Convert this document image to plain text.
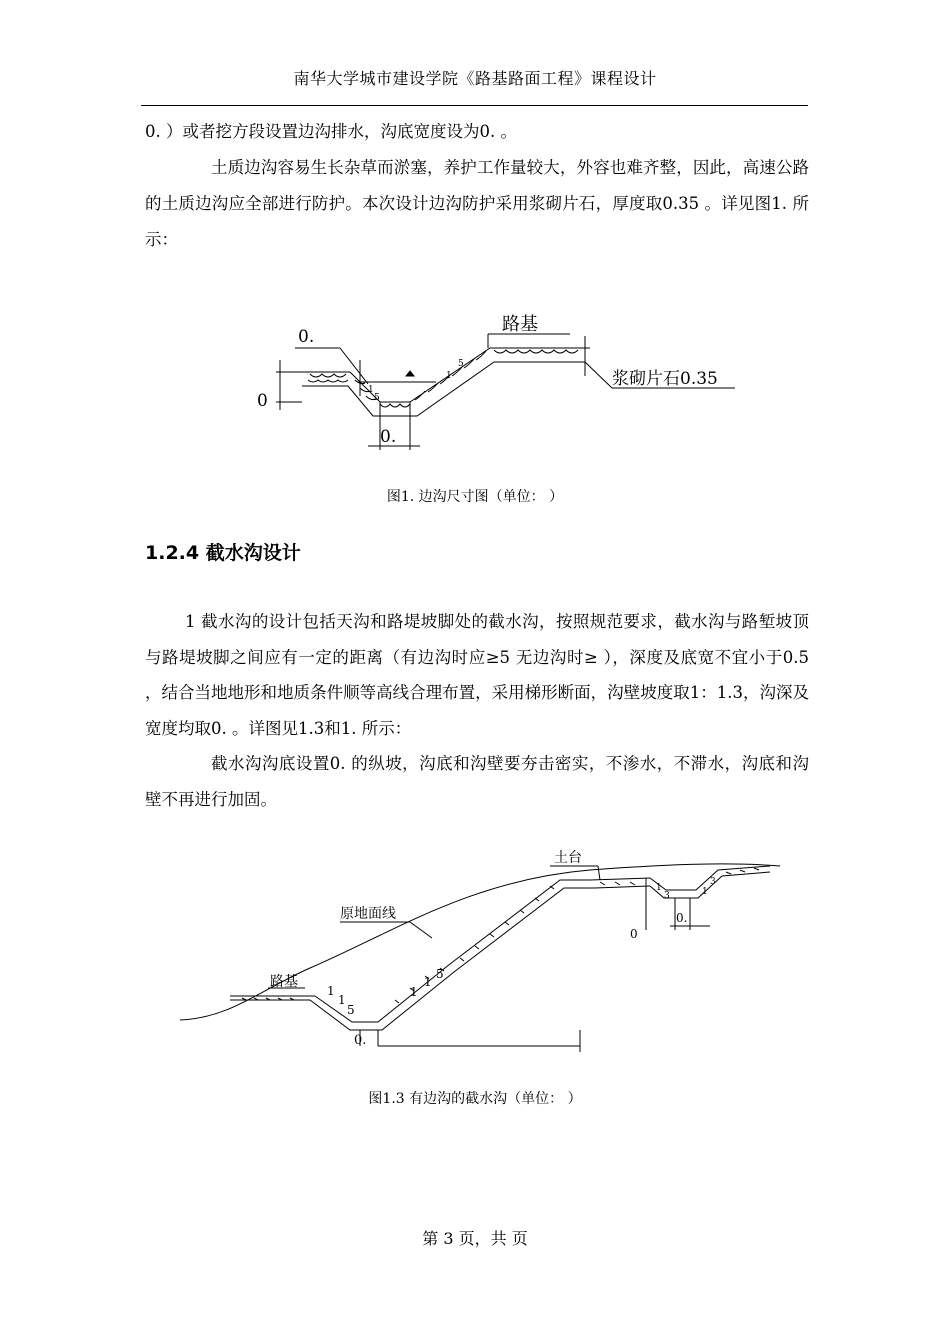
南华大学城市建设学院《路基路面工程》课程设计
0. ）或者挖方段设置边沟排水，沟底宽度设为0. 。
土质边沟容易生长杂草而淤塞，养护工作量较大，外容也难齐整，因此，高速公路的土质边沟应全部进行防护。本次设计边沟防护采用浆砌片石，厚度取0.35 。详见图1. 所示：
0.
路基
0
1
5
1
5
0.
浆砌片石0.35
图1. 边沟尺寸图（单位： ）
1.2.4 截水沟设计
1 截水沟的设计包括天沟和路堤坡脚处的截水沟，按照规范要求，截水沟与路堑坡顶与路堤坡脚之间应有一定的距离（有边沟时应≥5 无边沟时≥ ），深度及底宽不宜小于0.5 ，结合当地地形和地质条件顺等高线合理布置，采用梯形断面，沟壁坡度取1：1.3，沟深及宽度均取0. 。详图见1.3和1. 所示：
截水沟沟底设置0. 的纵坡，沟底和沟壁要夯击密实，不渗水，不滞水，沟底和沟壁不再进行加固。
土台
原地面线
路基
1
1
5
1
1
5
0
0.
1
3	1
3
0.
图1.3 有边沟的截水沟（单位： ）
第 3 页，共 页
